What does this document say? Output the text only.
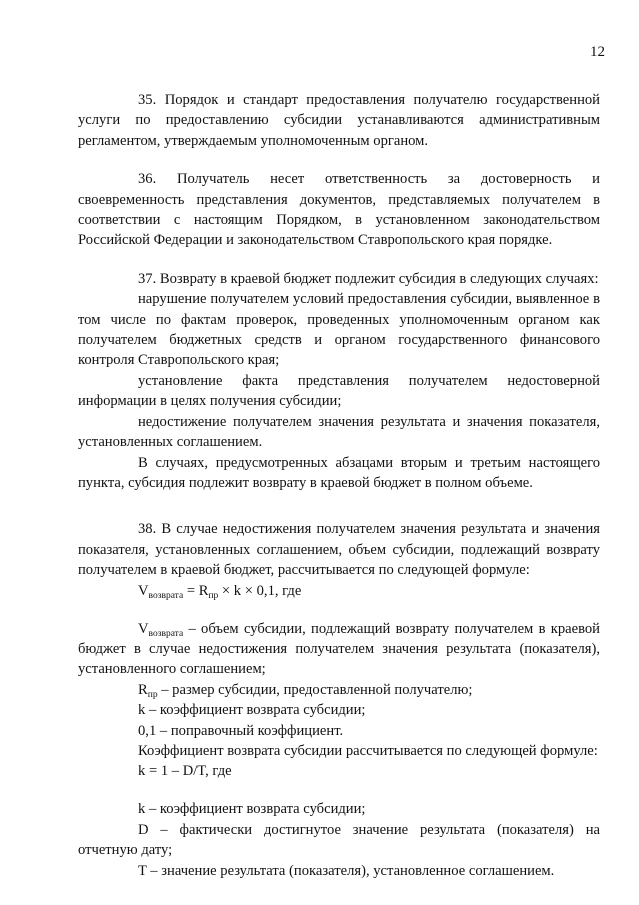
12

35. Порядок и стандарт предоставления получателю государственной услуги по предоставлению субсидии устанавливаются административным регламентом, утверждаемым уполномоченным органом.

36. Получатель несет ответственность за достоверность и своевременность представления документов, представляемых получателем в соответствии с настоящим Порядком, в установленном законодательством Российской Федерации и законодательством Ставропольского края порядке.

37. Возврату в краевой бюджет подлежит субсидия в следующих случаях:

нарушение получателем условий предоставления субсидии, выявленное в том числе по фактам проверок, проведенных уполномоченным органом как получателем бюджетных средств и органом государственного финансового контроля Ставропольского края;

установление факта представления получателем недостоверной информации в целях получения субсидии;

недостижение получателем значения результата и значения показателя, установленных соглашением.

В случаях, предусмотренных абзацами вторым и третьим настоящего пункта, субсидия подлежит возврату в краевой бюджет в полном объеме.

38. В случае недостижения получателем значения результата и значения показателя, установленных соглашением, объем субсидии, подлежащий возврату получателем в краевой бюджет, рассчитывается по следующей формуле:

$V_{возврата} = R_{пр} \times k \times 0,1$, где

$V_{возврата}$ – объем субсидии, подлежащий возврату получателем в краевой бюджет в случае недостижения получателем значения результата (показателя), установленного соглашением;

$R_{пр}$ – размер субсидии, предоставленной получателю;

k – коэффициент возврата субсидии;

0,1 – поправочный коэффициент.

Коэффициент возврата субсидии рассчитывается по следующей формуле:

k = 1 – D/T, где

k – коэффициент возврата субсидии;

D – фактически достигнутое значение результата (показателя) на отчетную дату;

T – значение результата (показателя), установленное соглашением.
